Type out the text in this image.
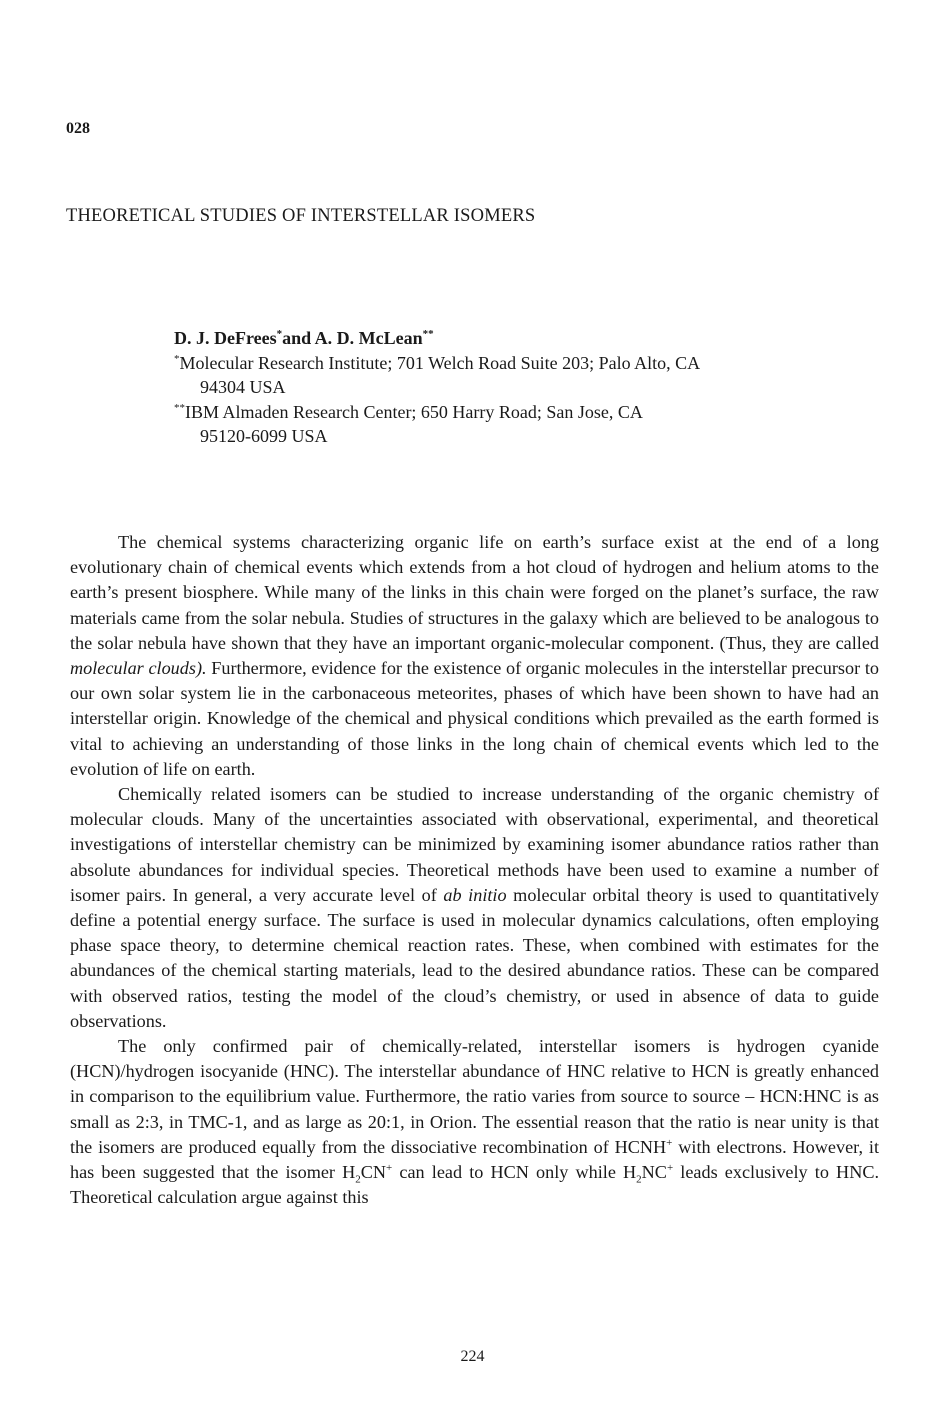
028
THEORETICAL STUDIES OF INTERSTELLAR ISOMERS
D. J. DeFrees*and A. D. McLean**
*Molecular Research Institute; 701 Welch Road Suite 203; Palo Alto, CA
94304 USA
**IBM Almaden Research Center; 650 Harry Road; San Jose, CA
95120-6099 USA

The chemical systems characterizing organic life on earth’s surface exist at the end of a long evolutionary chain of chemical events which extends from a hot cloud of hydrogen and helium atoms to the earth’s present biosphere. While many of the links in this chain were forged on the planet’s surface, the raw materials came from the solar nebula. Studies of structures in the galaxy which are believed to be analogous to the solar nebula have shown that they have an important organic-molecular component. (Thus, they are called molecular clouds). Furthermore, evidence for the existence of organic molecules in the interstellar precursor to our own solar system lie in the carbonaceous meteorites, phases of which have been shown to have had an interstellar origin. Knowledge of the chemical and physical conditions which prevailed as the earth formed is vital to achieving an understanding of those links in the long chain of chemical events which led to the evolution of life on earth.

Chemically related isomers can be studied to increase understanding of the organic chemistry of molecular clouds. Many of the uncertainties associated with observational, experimental, and theoretical investigations of interstellar chemistry can be minimized by examining isomer abundance ratios rather than absolute abundances for individual species. Theoretical methods have been used to examine a number of isomer pairs. In general, a very accurate level of ab initio molecular orbital theory is used to quantitatively define a potential energy surface. The surface is used in molecular dynamics calculations, often employing phase space theory, to determine chemical reaction rates. These, when combined with estimates for the abundances of the chemical starting materials, lead to the desired abundance ratios. These can be compared with observed ratios, testing the model of the cloud’s chemistry, or used in absence of data to guide observations.

The only confirmed pair of chemically-related, interstellar isomers is hydrogen cyanide (HCN)/hydrogen isocyanide (HNC). The interstellar abundance of HNC relative to HCN is greatly enhanced in comparison to the equilibrium value. Furthermore, the ratio varies from source to source – HCN:HNC is as small as 2:3, in TMC-1, and as large as 20:1, in Orion. The essential reason that the ratio is near unity is that the isomers are produced equally from the dissociative recombination of HCNH+ with electrons. However, it has been suggested that the isomer $H_2CN^+$ can lead to HCN only while $H_2NC^+$ leads exclusively to HNC. Theoretical calculation argue against this

224
